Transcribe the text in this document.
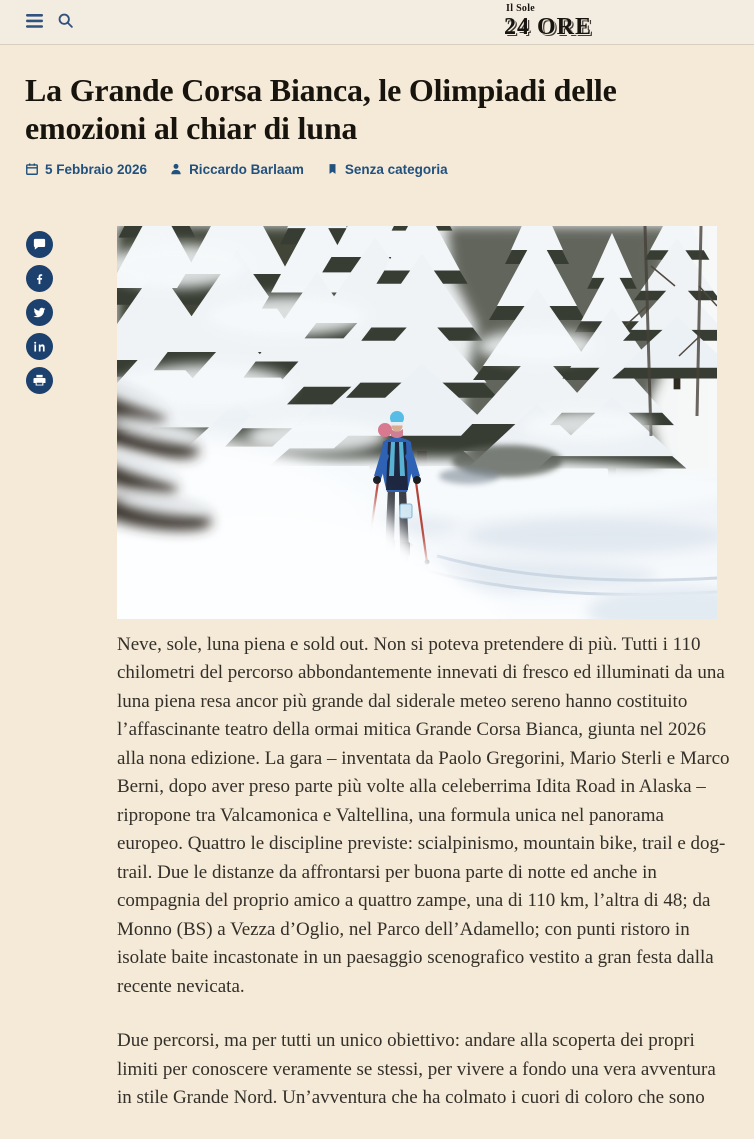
Il Sole
24 ORE
La Grande Corsa Bianca, le Olimpiadi delle emozioni al chiar di luna
5 Febbraio 2026	Riccardo Barlaam	Senza categoria

Neve, sole, luna piena e sold out. Non si poteva pretendere di più. Tutti i 110 chilometri del percorso abbondantemente innevati di fresco ed illuminati da una luna piena resa ancor più grande dal siderale meteo sereno hanno costituito l’affascinante teatro della ormai mitica Grande Corsa Bianca, giunta nel 2026 alla nona edizione. La gara – inventata da Paolo Gregorini, Mario Sterli e Marco Berni, dopo aver preso parte più volte alla celeberrima Idita Road in Alaska – ripropone tra Valcamonica e Valtellina, una formula unica nel panorama europeo. Quattro le discipline previste: scialpinismo, mountain bike, trail e dog-trail. Due le distanze da affrontarsi per buona parte di notte ed anche in compagnia del proprio amico a quattro zampe, una di 110 km, l’altra di 48; da Monno (BS) a Vezza d’Oglio, nel Parco dell’Adamello; con punti ristoro in isolate baite incastonate in un paesaggio scenografico vestito a gran festa dalla recente nevicata.

Due percorsi, ma per tutti un unico obiettivo: andare alla scoperta dei propri limiti per conoscere veramente se stessi, per vivere a fondo una vera avventura in stile Grande Nord. Un’avventura che ha colmato i cuori di coloro che sono
